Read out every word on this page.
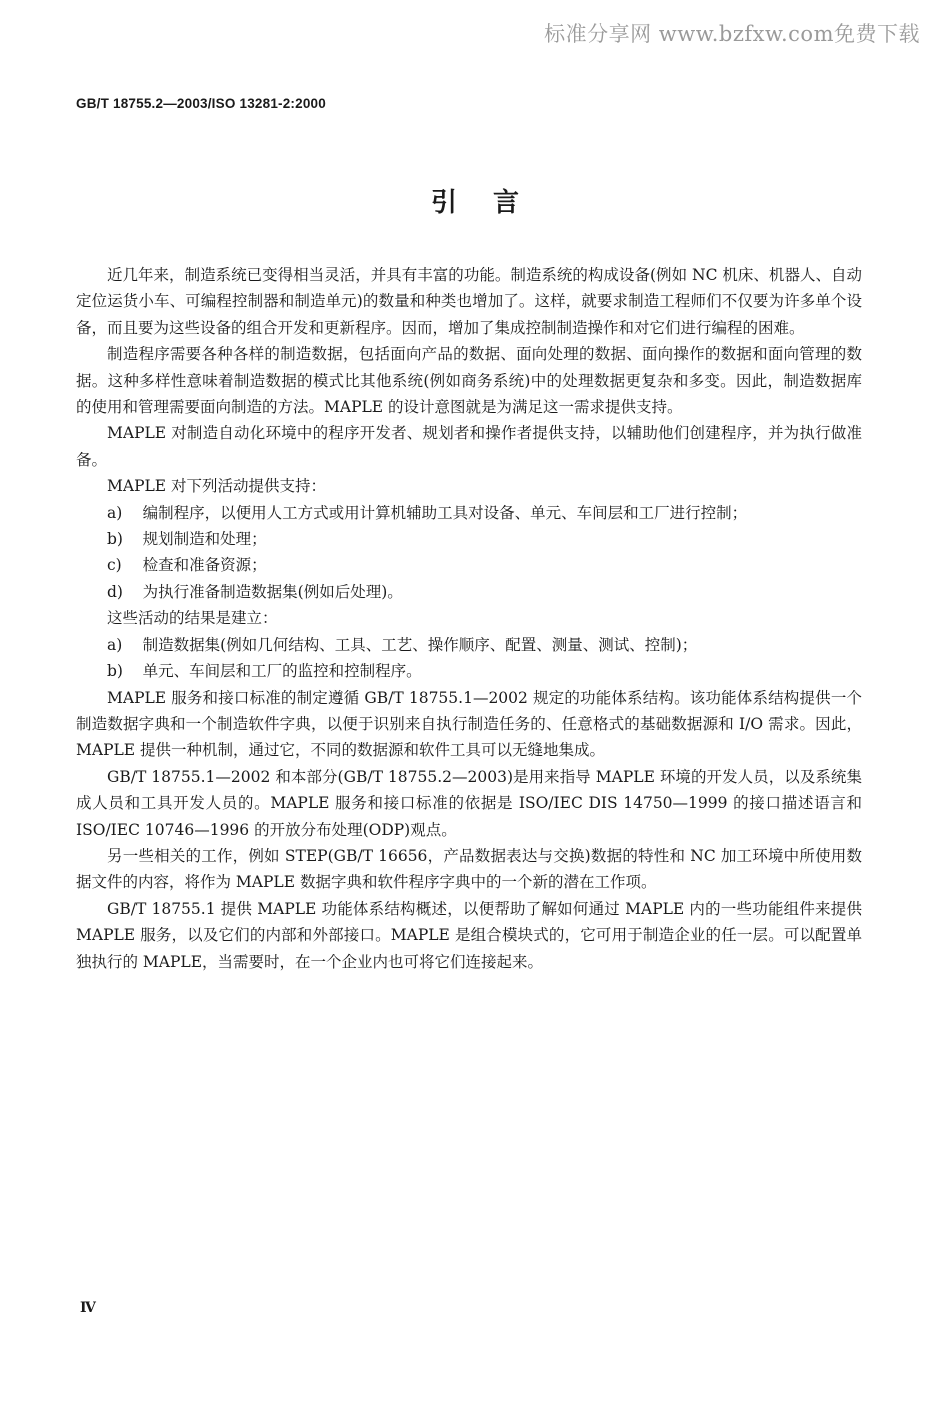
标准分享网 www.bzfxw.com免费下载
GB/T 18755.2—2003/ISO 13281-2:2000
引言

近几年来，制造系统已变得相当灵活，并具有丰富的功能。制造系统的构成设备(例如 NC 机床、机器人、自动定位运货小车、可编程控制器和制造单元)的数量和种类也增加了。这样，就要求制造工程师们不仅要为许多单个设备，而且要为这些设备的组合开发和更新程序。因而，增加了集成控制制造操作和对它们进行编程的困难。

制造程序需要各种各样的制造数据，包括面向产品的数据、面向处理的数据、面向操作的数据和面向管理的数据。这种多样性意味着制造数据的模式比其他系统(例如商务系统)中的处理数据更复杂和多变。因此，制造数据库的使用和管理需要面向制造的方法。MAPLE 的设计意图就是为满足这一需求提供支持。

MAPLE 对制造自动化环境中的程序开发者、规划者和操作者提供支持，以辅助他们创建程序，并为执行做准备。

MAPLE 对下列活动提供支持：

a)	编制程序，以便用人工方式或用计算机辅助工具对设备、单元、车间层和工厂进行控制；

b)	规划制造和处理；

c)	检查和准备资源；

d)	为执行准备制造数据集(例如后处理)。

这些活动的结果是建立：

a)	制造数据集(例如几何结构、工具、工艺、操作顺序、配置、测量、测试、控制)；

b)	单元、车间层和工厂的监控和控制程序。

MAPLE 服务和接口标准的制定遵循 GB/T 18755.1—2002 规定的功能体系结构。该功能体系结构提供一个制造数据字典和一个制造软件字典，以便于识别来自执行制造任务的、任意格式的基础数据源和 I/O 需求。因此，MAPLE 提供一种机制，通过它，不同的数据源和软件工具可以无缝地集成。

GB/T 18755.1—2002 和本部分(GB/T 18755.2—2003)是用来指导 MAPLE 环境的开发人员，以及系统集成人员和工具开发人员的。MAPLE 服务和接口标准的依据是 ISO/IEC DIS 14750—1999 的接口描述语言和 ISO/IEC 10746—1996 的开放分布处理(ODP)观点。

另一些相关的工作，例如 STEP(GB/T 16656，产品数据表达与交换)数据的特性和 NC 加工环境中所使用数据文件的内容，将作为 MAPLE 数据字典和软件程序字典中的一个新的潜在工作项。

GB/T 18755.1 提供 MAPLE 功能体系结构概述，以便帮助了解如何通过 MAPLE 内的一些功能组件来提供 MAPLE 服务，以及它们的内部和外部接口。MAPLE 是组合模块式的，它可用于制造企业的任一层。可以配置单独执行的 MAPLE，当需要时，在一个企业内也可将它们连接起来。

Ⅳ
